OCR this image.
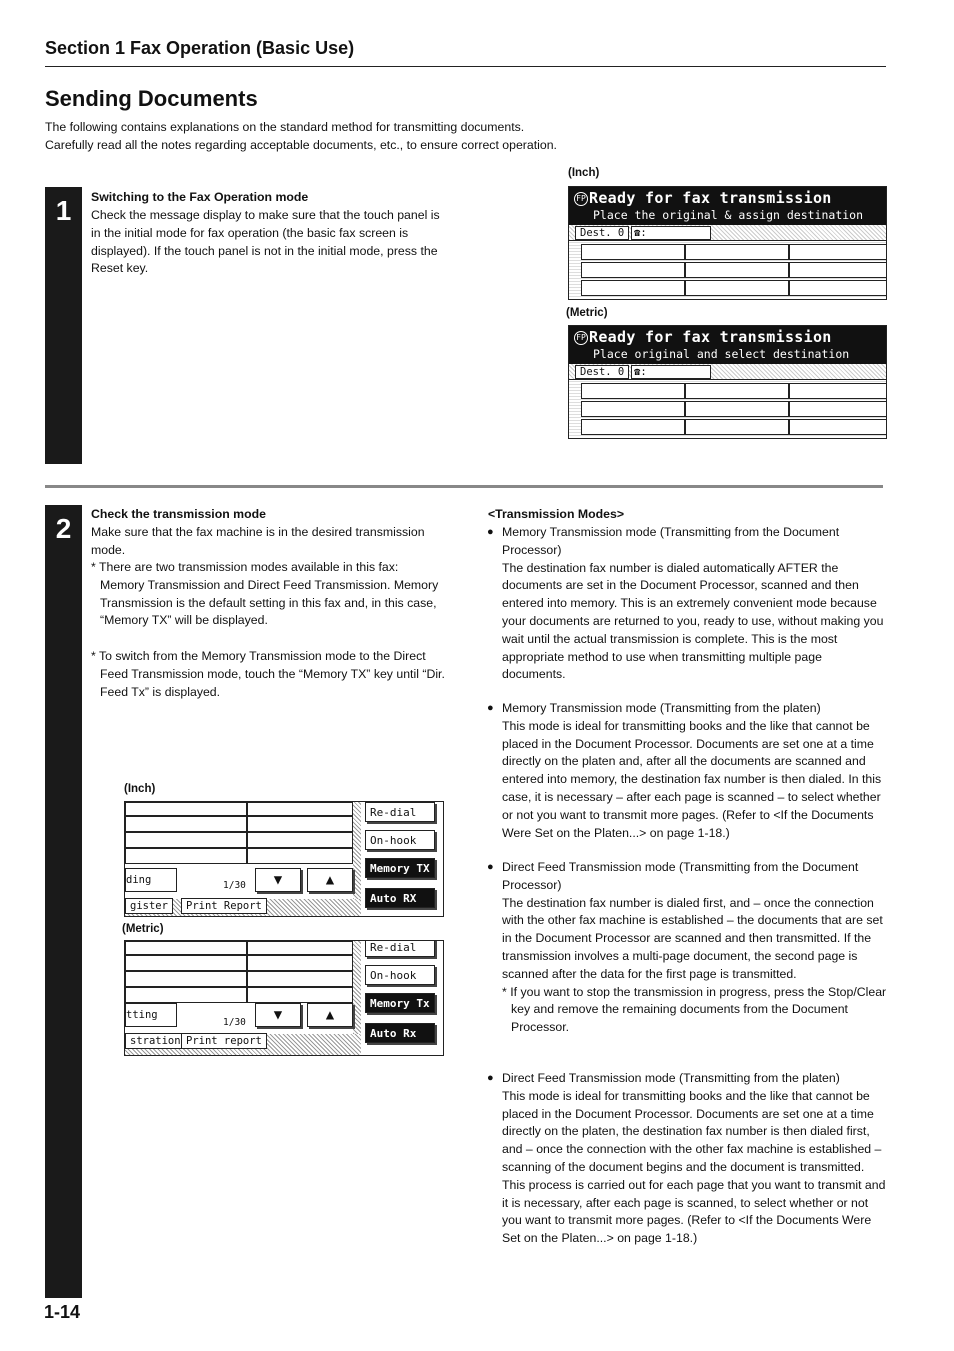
Section 1 Fax Operation (Basic Use)
Sending Documents
The following contains explanations on the standard method for transmitting documents. Carefully read all the notes regarding acceptable documents, etc., to ensure correct operation.
1	Switching to the Fax Operation mode
Check the message display to make sure that the touch panel is in the initial mode for fax operation (the basic fax screen is displayed). If the touch panel is not in the initial mode, press the Reset key.
(Inch)
FP Ready for fax transmission
Place the original & assign destination
Dest. 0 ☎:
(Metric)
FP Ready for fax transmission
Place original and select destination
Dest. 0 ☎:
2	Check the transmission mode
Make sure that the fax machine is in the desired transmission mode.
* There are two transmission modes available in this fax: Memory Transmission and Direct Feed Transmission. Memory Transmission is the default setting in this fax and, in this case, “Memory TX” will be displayed.
* To switch from the Memory Transmission mode to the Direct Feed Transmission mode, touch the “Memory TX” key until “Dir. Feed Tx” is displayed.
(Inch)
Re-dial
On-hook
Memory TX
Auto RX
ding	1/30	▼	▲
gister	Print Report
(Metric)
Re-dial
On-hook
Memory Tx
Auto Rx
tting
1/30	▼	▲
stration Print report
<Transmission Modes>
● Memory Transmission mode (Transmitting from the Document Processor)
The destination fax number is dialed automatically AFTER the documents are set in the Document Processor, scanned and then entered into memory. This is an extremely convenient mode because your documents are returned to you, ready to use, without making you wait until the actual transmission is complete. This is the most appropriate method to use when transmitting multiple page documents.
● Memory Transmission mode (Transmitting from the platen)
This mode is ideal for transmitting books and the like that cannot be placed in the Document Processor. Documents are set one at a time directly on the platen and, after all the documents are scanned and entered into memory, the destination fax number is then dialed. In this case, it is necessary – after each page is scanned – to select whether or not you want to transmit more pages. (Refer to <If the Documents Were Set on the Platen...> on page 1-18.)
● Direct Feed Transmission mode (Transmitting from the Document Processor)
The destination fax number is dialed first, and – once the connection with the other fax machine is established – the documents that are set in the Document Processor are scanned and then transmitted. If the transmission involves a multi-page document, the second page is scanned after the data for the first page is transmitted.
* If you want to stop the transmission in progress, press the Stop/Clear key and remove the remaining documents from the Document Processor.
● Direct Feed Transmission mode (Transmitting from the platen)
This mode is ideal for transmitting books and the like that cannot be placed in the Document Processor. Documents are set one at a time directly on the platen, the destination fax number is then dialed first, and – once the connection with the other fax machine is established – scanning of the document begins and the document is transmitted.
This process is carried out for each page that you want to transmit and it is necessary, after each page is scanned, to select whether or not you want to transmit more pages. (Refer to <If the Documents Were Set on the Platen...> on page 1-18.)
1-14
